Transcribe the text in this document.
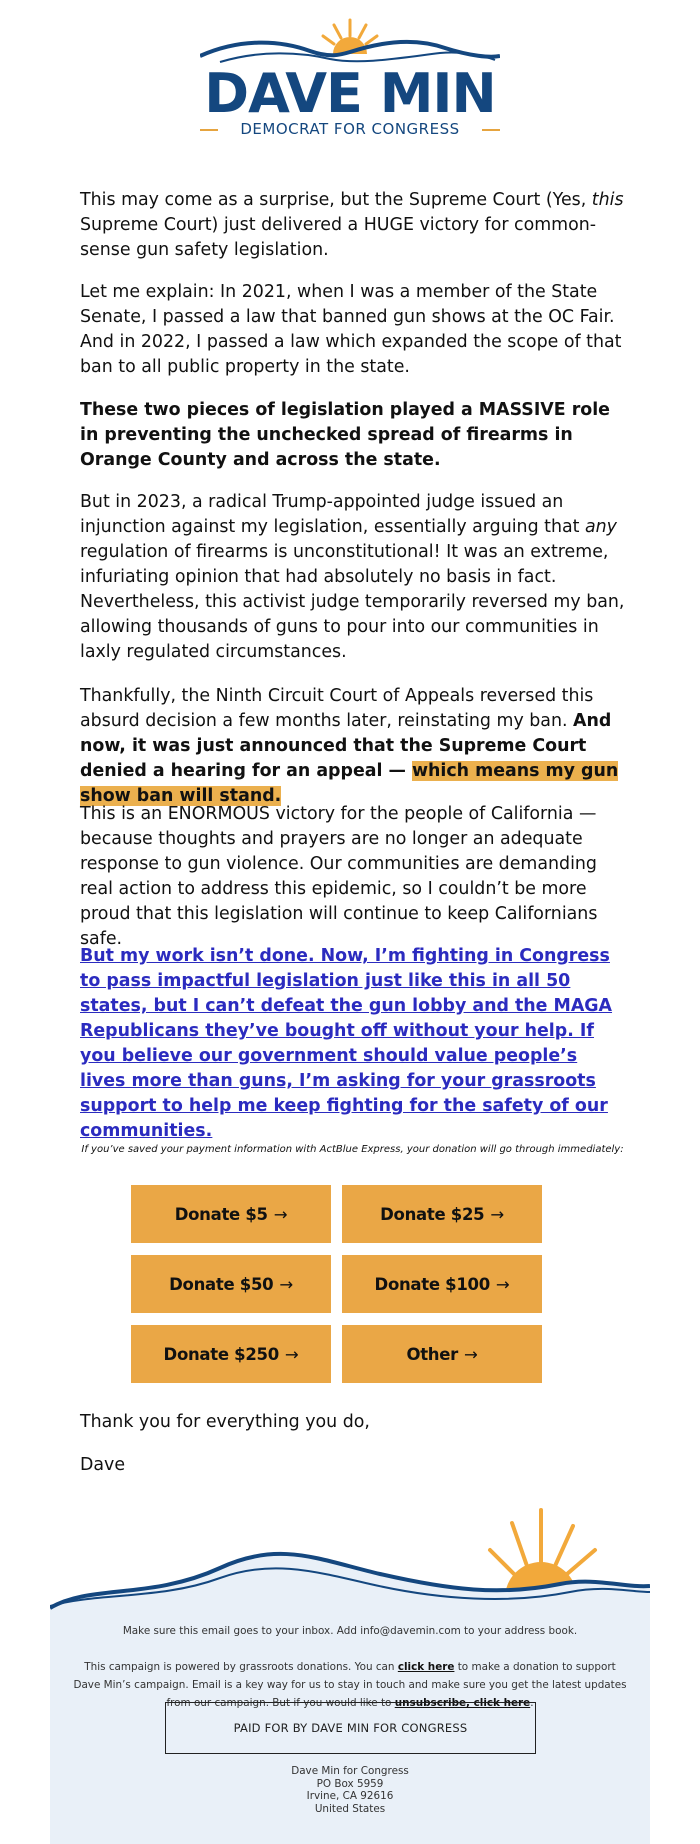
DAVE MIN
DEMOCRAT FOR CONGRESS

This may come as a surprise, but the Supreme Court (Yes, this Supreme Court) just delivered a HUGE victory for common-sense gun safety legislation.

Let me explain: In 2021, when I was a member of the State Senate, I passed a law that banned gun shows at the OC Fair. And in 2022, I passed a law which expanded the scope of that ban to all public property in the state.

These two pieces of legislation played a MASSIVE role in preventing the unchecked spread of firearms in Orange County and across the state.

But in 2023, a radical Trump-appointed judge issued an injunction against my legislation, essentially arguing that any regulation of firearms is unconstitutional! It was an extreme, infuriating opinion that had absolutely no basis in fact. Nevertheless, this activist judge temporarily reversed my ban, allowing thousands of guns to pour into our communities in laxly regulated circumstances.

Thankfully, the Ninth Circuit Court of Appeals reversed this absurd decision a few months later, reinstating my ban. And now, it was just announced that the Supreme Court denied a hearing for an appeal — which means my gun show ban will stand.

This is an ENORMOUS victory for the people of California — because thoughts and prayers are no longer an adequate response to gun violence. Our communities are demanding real action to address this epidemic, so I couldn’t be more proud that this legislation will continue to keep Californians safe.

But my work isn’t done. Now, I’m fighting in Congress to pass impactful legislation just like this in all 50 states, but I can’t defeat the gun lobby and the MAGA Republicans they’ve bought off without your help. If you believe our government should value people’s lives more than guns, I’m asking for your grassroots support to help me keep fighting for the safety of our communities.

If you’ve saved your payment information with ActBlue Express, your donation will go through immediately:
Donate $5 →	Donate $25 →
Donate $50 →	Donate $100 →
Donate $250 →	Other →

Thank you for everything you do,

Dave

Make sure this email goes to your inbox. Add info@davemin.com to your address book.
This campaign is powered by grassroots donations. You can click here to make a donation to support Dave Min’s campaign. Email is a key way for us to stay in touch and make sure you get the latest updates from our campaign. But if you would like to unsubscribe, click here.
PAID FOR BY DAVE MIN FOR CONGRESS
Dave Min for Congress
PO Box 5959
Irvine, CA 92616
United States
